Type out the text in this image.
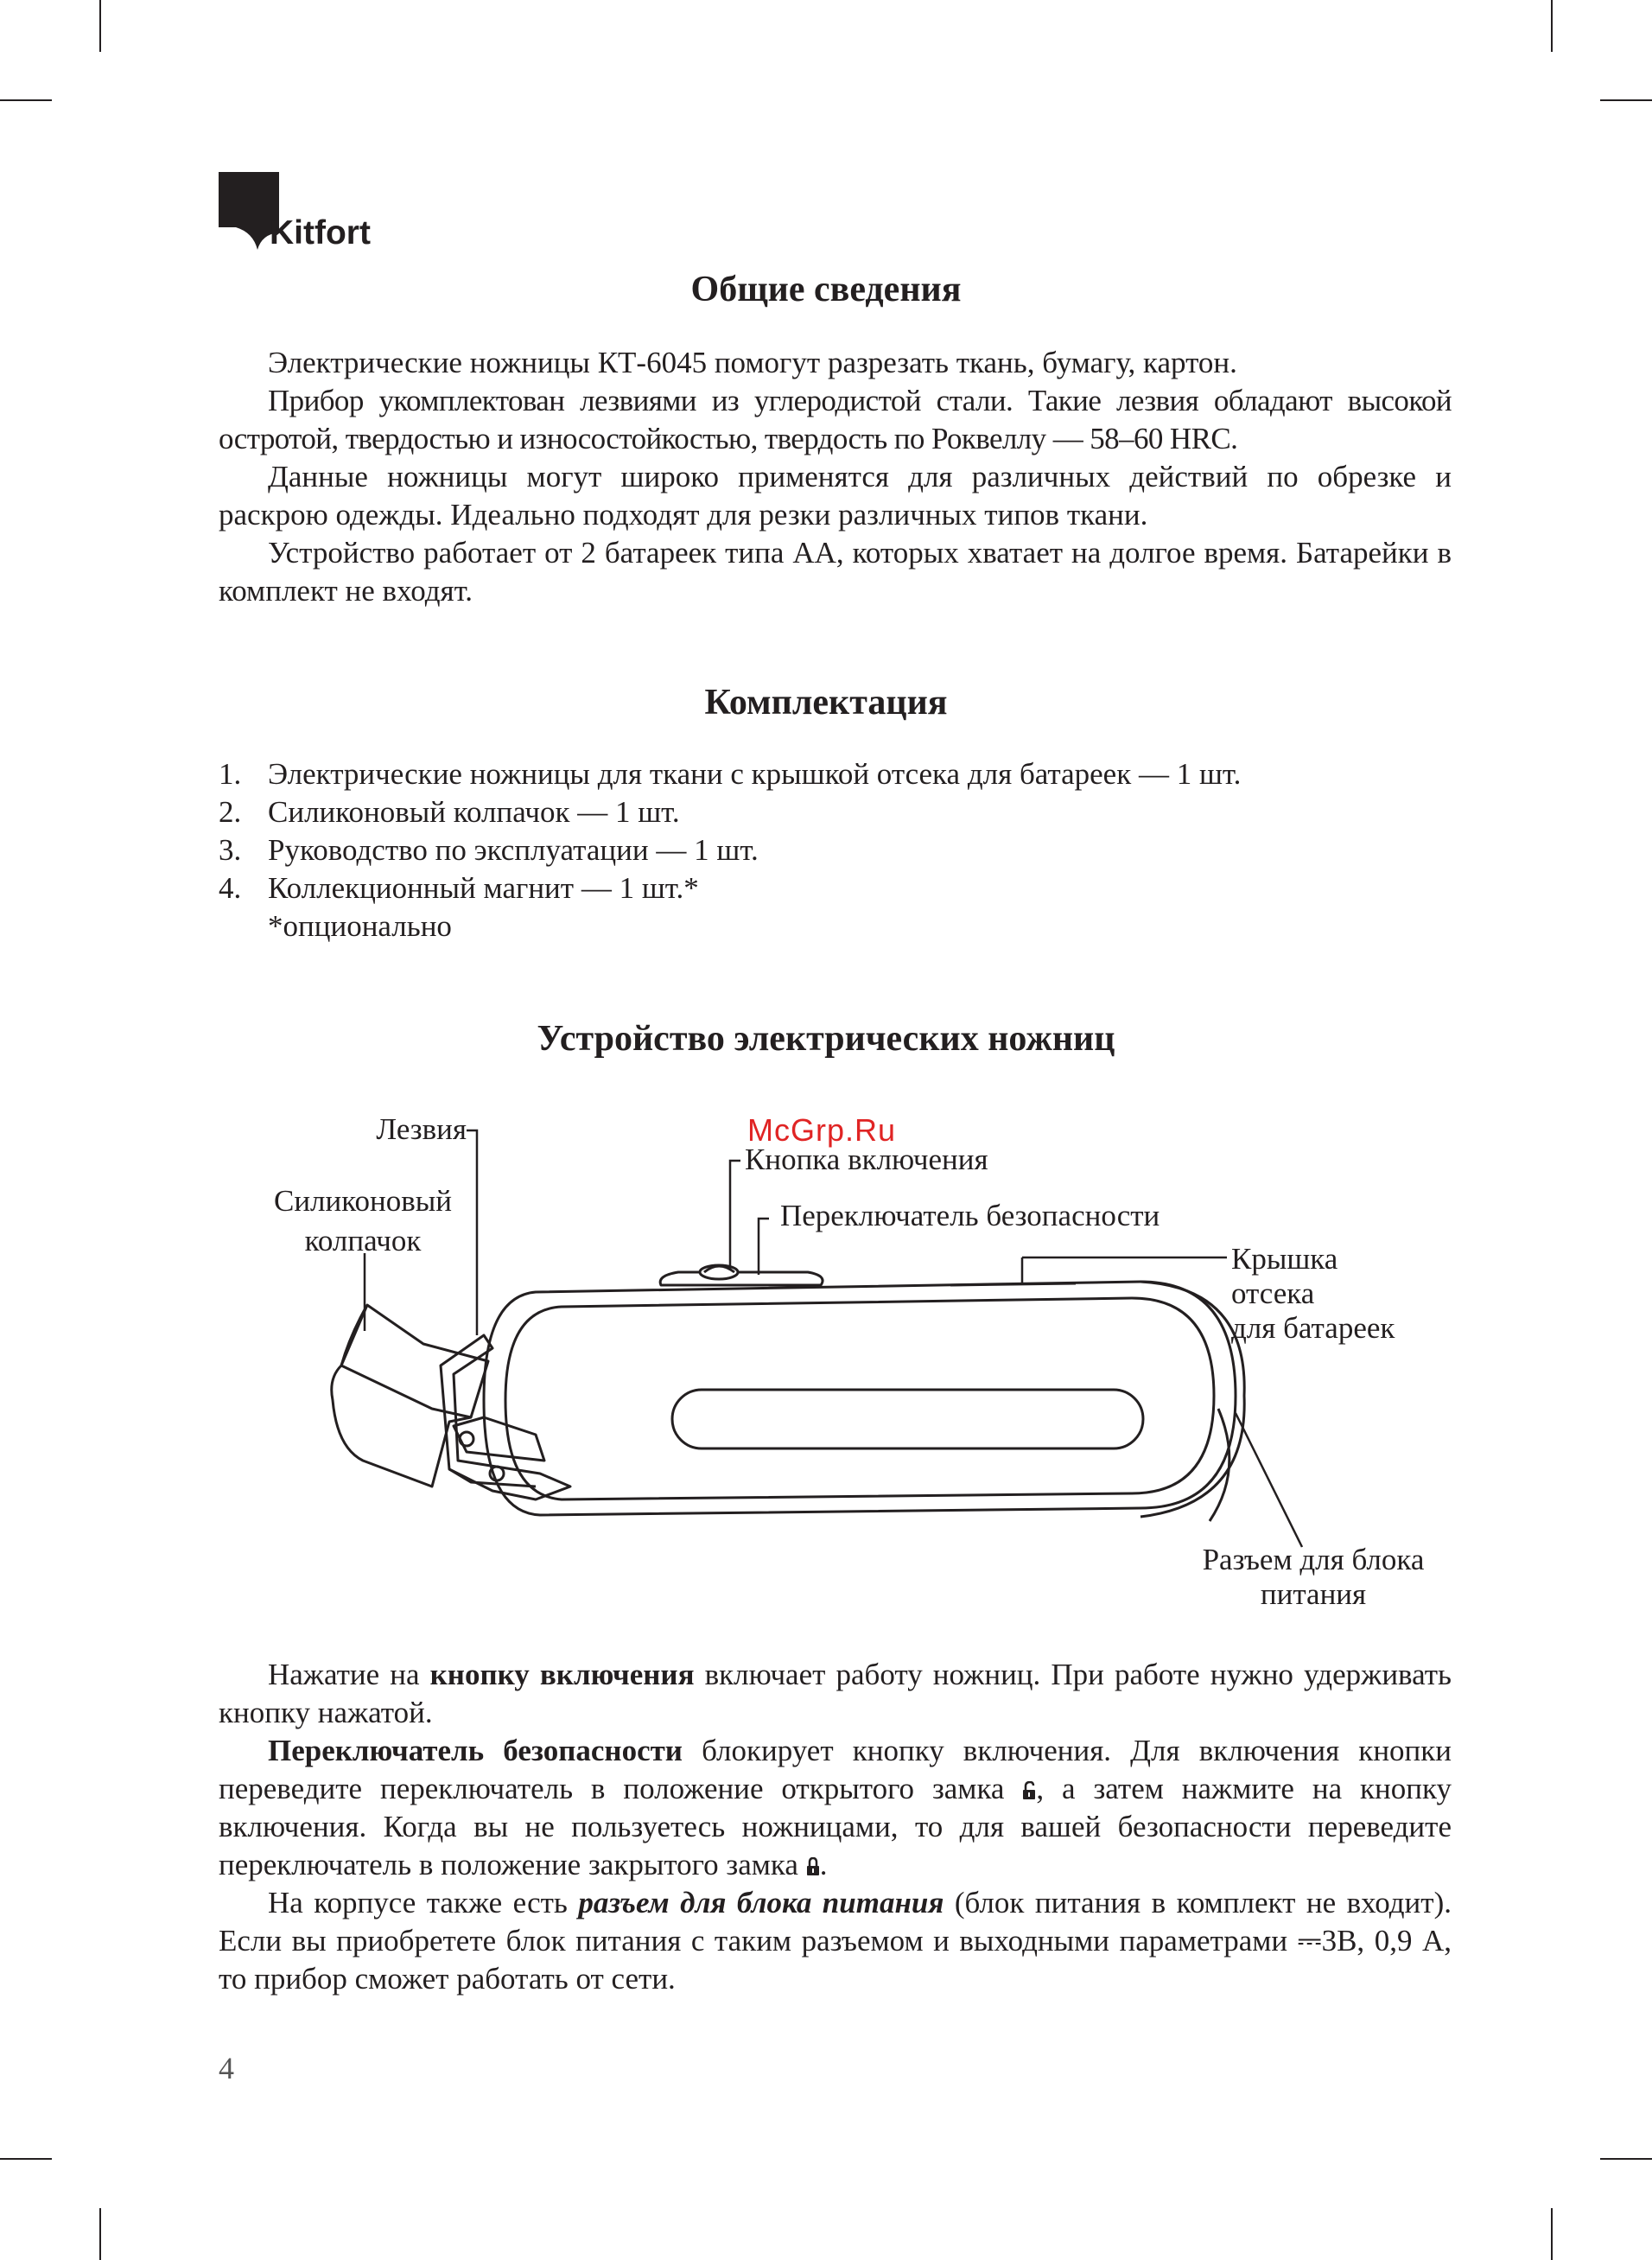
Kitfort
Общие сведения

Электрические ножницы КТ-6045 помогут разрезать ткань, бумагу, картон.

Прибор укомплектован лезвиями из углеродистой стали. Такие лезвия обладают высокой остротой, твердостью и износостойкостью, твердость по Роквеллу — 58–60 HRC.

Данные ножницы могут широко применятся для различных действий по обрезке и раскрою одежды. Идеально подходят для резки различных типов ткани.

Устройство работает от 2 батареек типа АА, которых хватает на долгое время. Батарейки в комплект не входят.

Комплектация
1. Электрические ножницы для ткани с крышкой отсека для батареек — 1 шт.
2. Силиконовый колпачок — 1 шт.
3. Руководство по эксплуатации — 1 шт.
4. Коллекционный магнит — 1 шт.*
*опционально
Устройство электрических ножниц
Лезвия
Силиконовый
колпачок
Кнопка включения
Переключатель безопасности
Крышка
отсека
для батареек
Разъем для блока
питания
McGrp.Ru

Нажатие на кнопку включения включает работу ножниц. При работе нужно удерживать кнопку нажатой.

Переключатель безопасности блокирует кнопку включения. Для включения кнопки переведите переключатель в положение открытого замка , а затем нажмите на кнопку включения. Когда вы не пользуетесь ножницами, то для вашей безопасности переведите переключатель в положение закрытого замка .

На корпусе также есть разъем для блока питания (блок питания в комплект не входит). Если вы приобретете блок питания с таким разъемом и выходными параметрами ⎓3В, 0,9 А, то прибор сможет работать от сети.

4
